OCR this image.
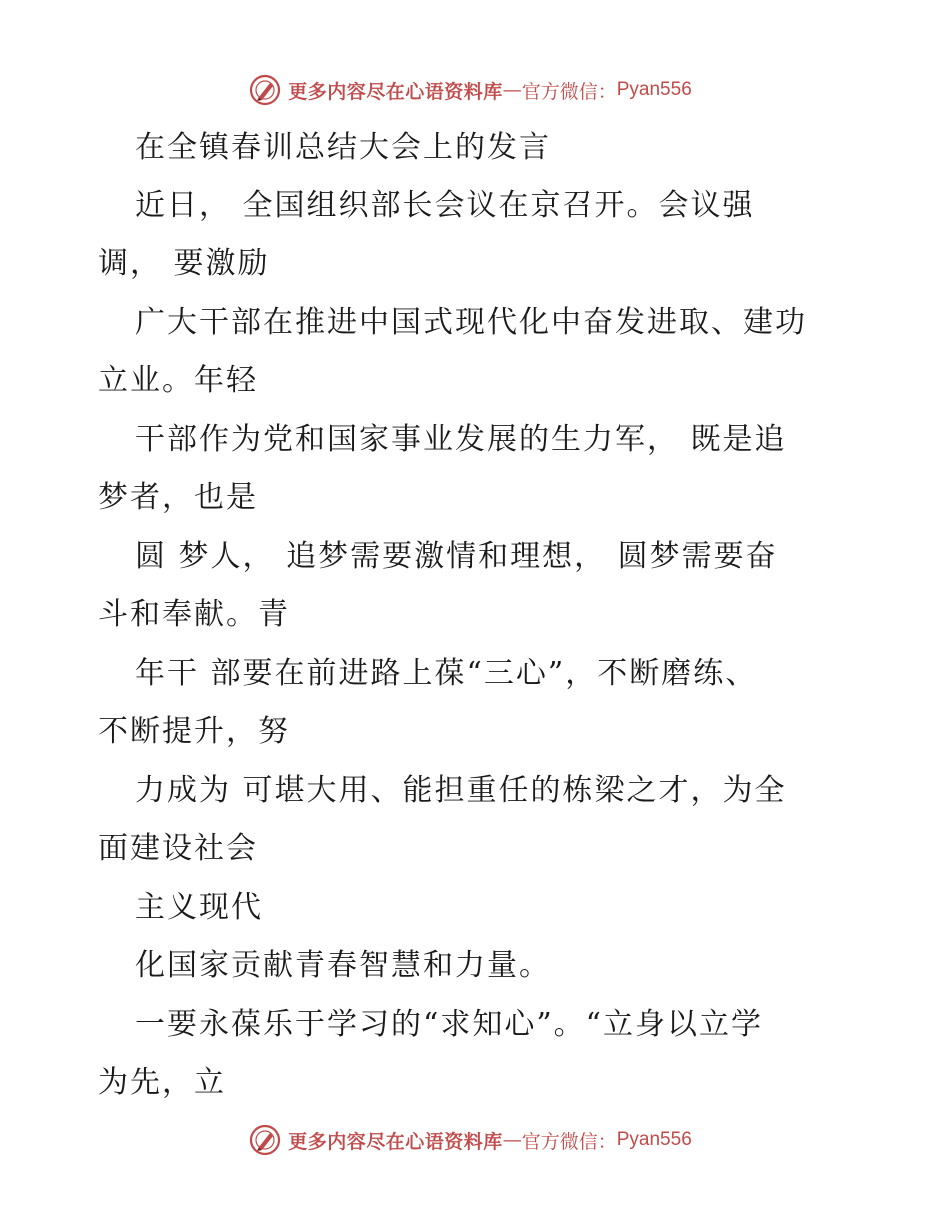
更多内容尽在心语资料库 — 官方微信： Pyan556
在全镇春训总结大会上的发言
近日， 全国组织部长会议在京召开。会议强
调， 要激励
广大干部在推进中国式现代化中奋发进取、建功
立业。年轻
干部作为党和国家事业发展的生力军， 既是追
梦者，也是
圆 梦人， 追梦需要激情和理想， 圆梦需要奋
斗和奉献。青
年干 部要在前进路上葆“三心”，不断磨练、
不断提升，努
力成为 可堪大用、能担重任的栋梁之才，为全
面建设社会
主义现代
化国家贡献青春智慧和力量。
一要永葆乐于学习的“求知心”。“立身以立学
为先，立
更多内容尽在心语资料库 — 官方微信： Pyan556
